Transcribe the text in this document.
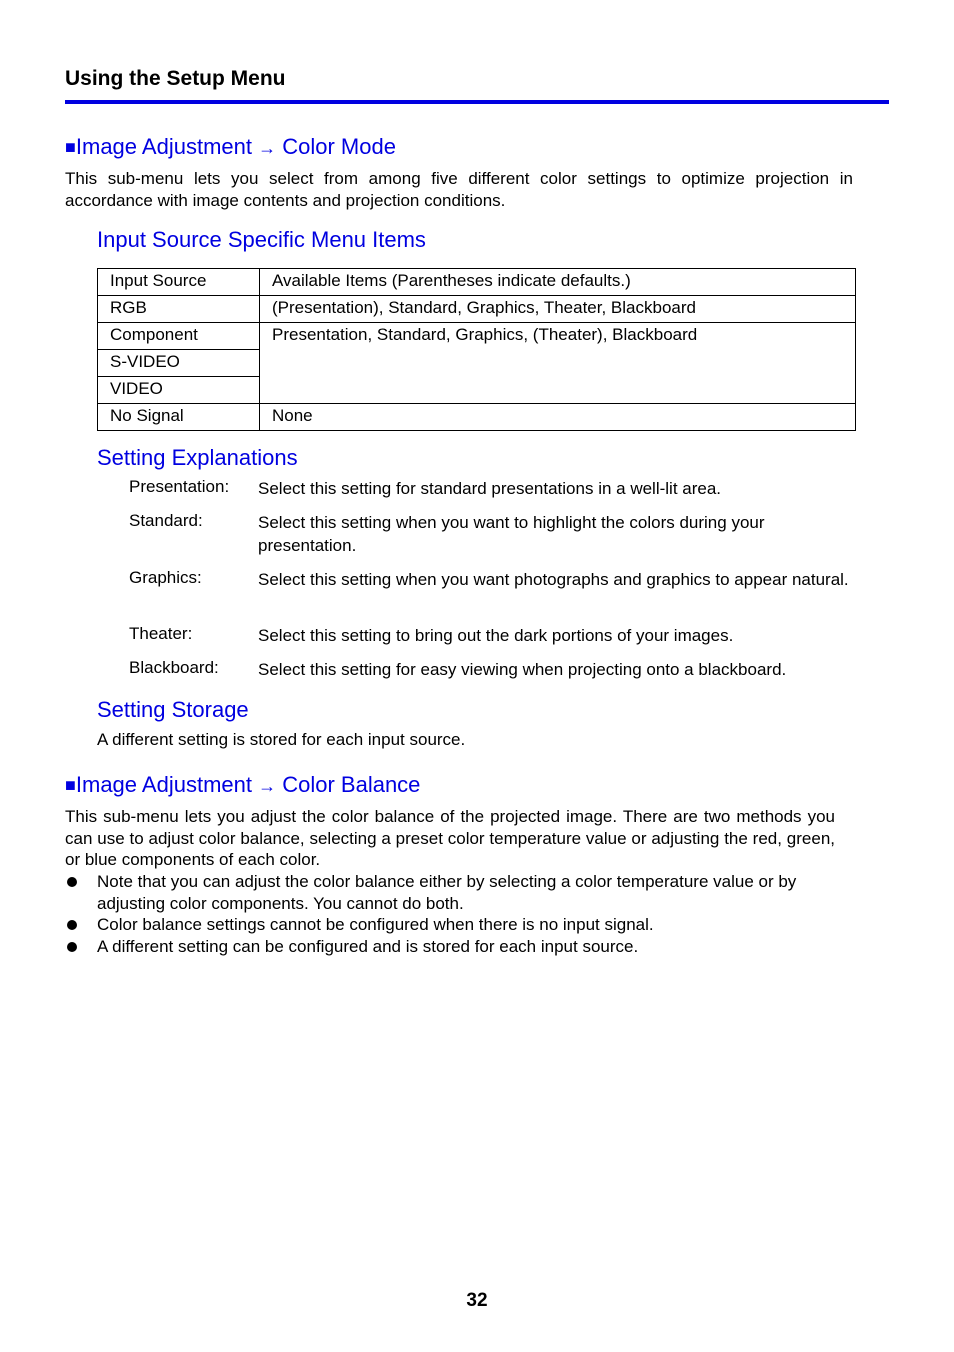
Using the Setup Menu
■Image Adjustment → Color Mode
This sub-menu lets you select from among five different color settings to optimize projection in accordance with image contents and projection conditions.
Input Source Specific Menu Items
Input Source	Available Items (Parentheses indicate defaults.)
RGB	(Presentation), Standard, Graphics, Theater, Blackboard
Component	Presentation, Standard, Graphics, (Theater), Blackboard
S-VIDEO	
VIDEO	
No Signal	None
Setting Explanations
Presentation: Select this setting for standard presentations in a well-lit area.
Standard:	Select this setting when you want to highlight the colors during your presentation.
Graphics:	Select this setting when you want photographs and graphics to appear natural.
Theater:	Select this setting to bring out the dark portions of your images.
Blackboard: Select this setting for easy viewing when projecting onto a blackboard.
Setting Storage
A different setting is stored for each input source.
■Image Adjustment → Color Balance
This sub-menu lets you adjust the color balance of the projected image. There are two methods you can use to adjust color balance, selecting a preset color temperature value or adjusting the red, green, or blue components of each color.
Note that you can adjust the color balance either by selecting a color temperature value or by adjusting color components. You cannot do both.
Color balance settings cannot be configured when there is no input signal.
A different setting can be configured and is stored for each input source.
32
